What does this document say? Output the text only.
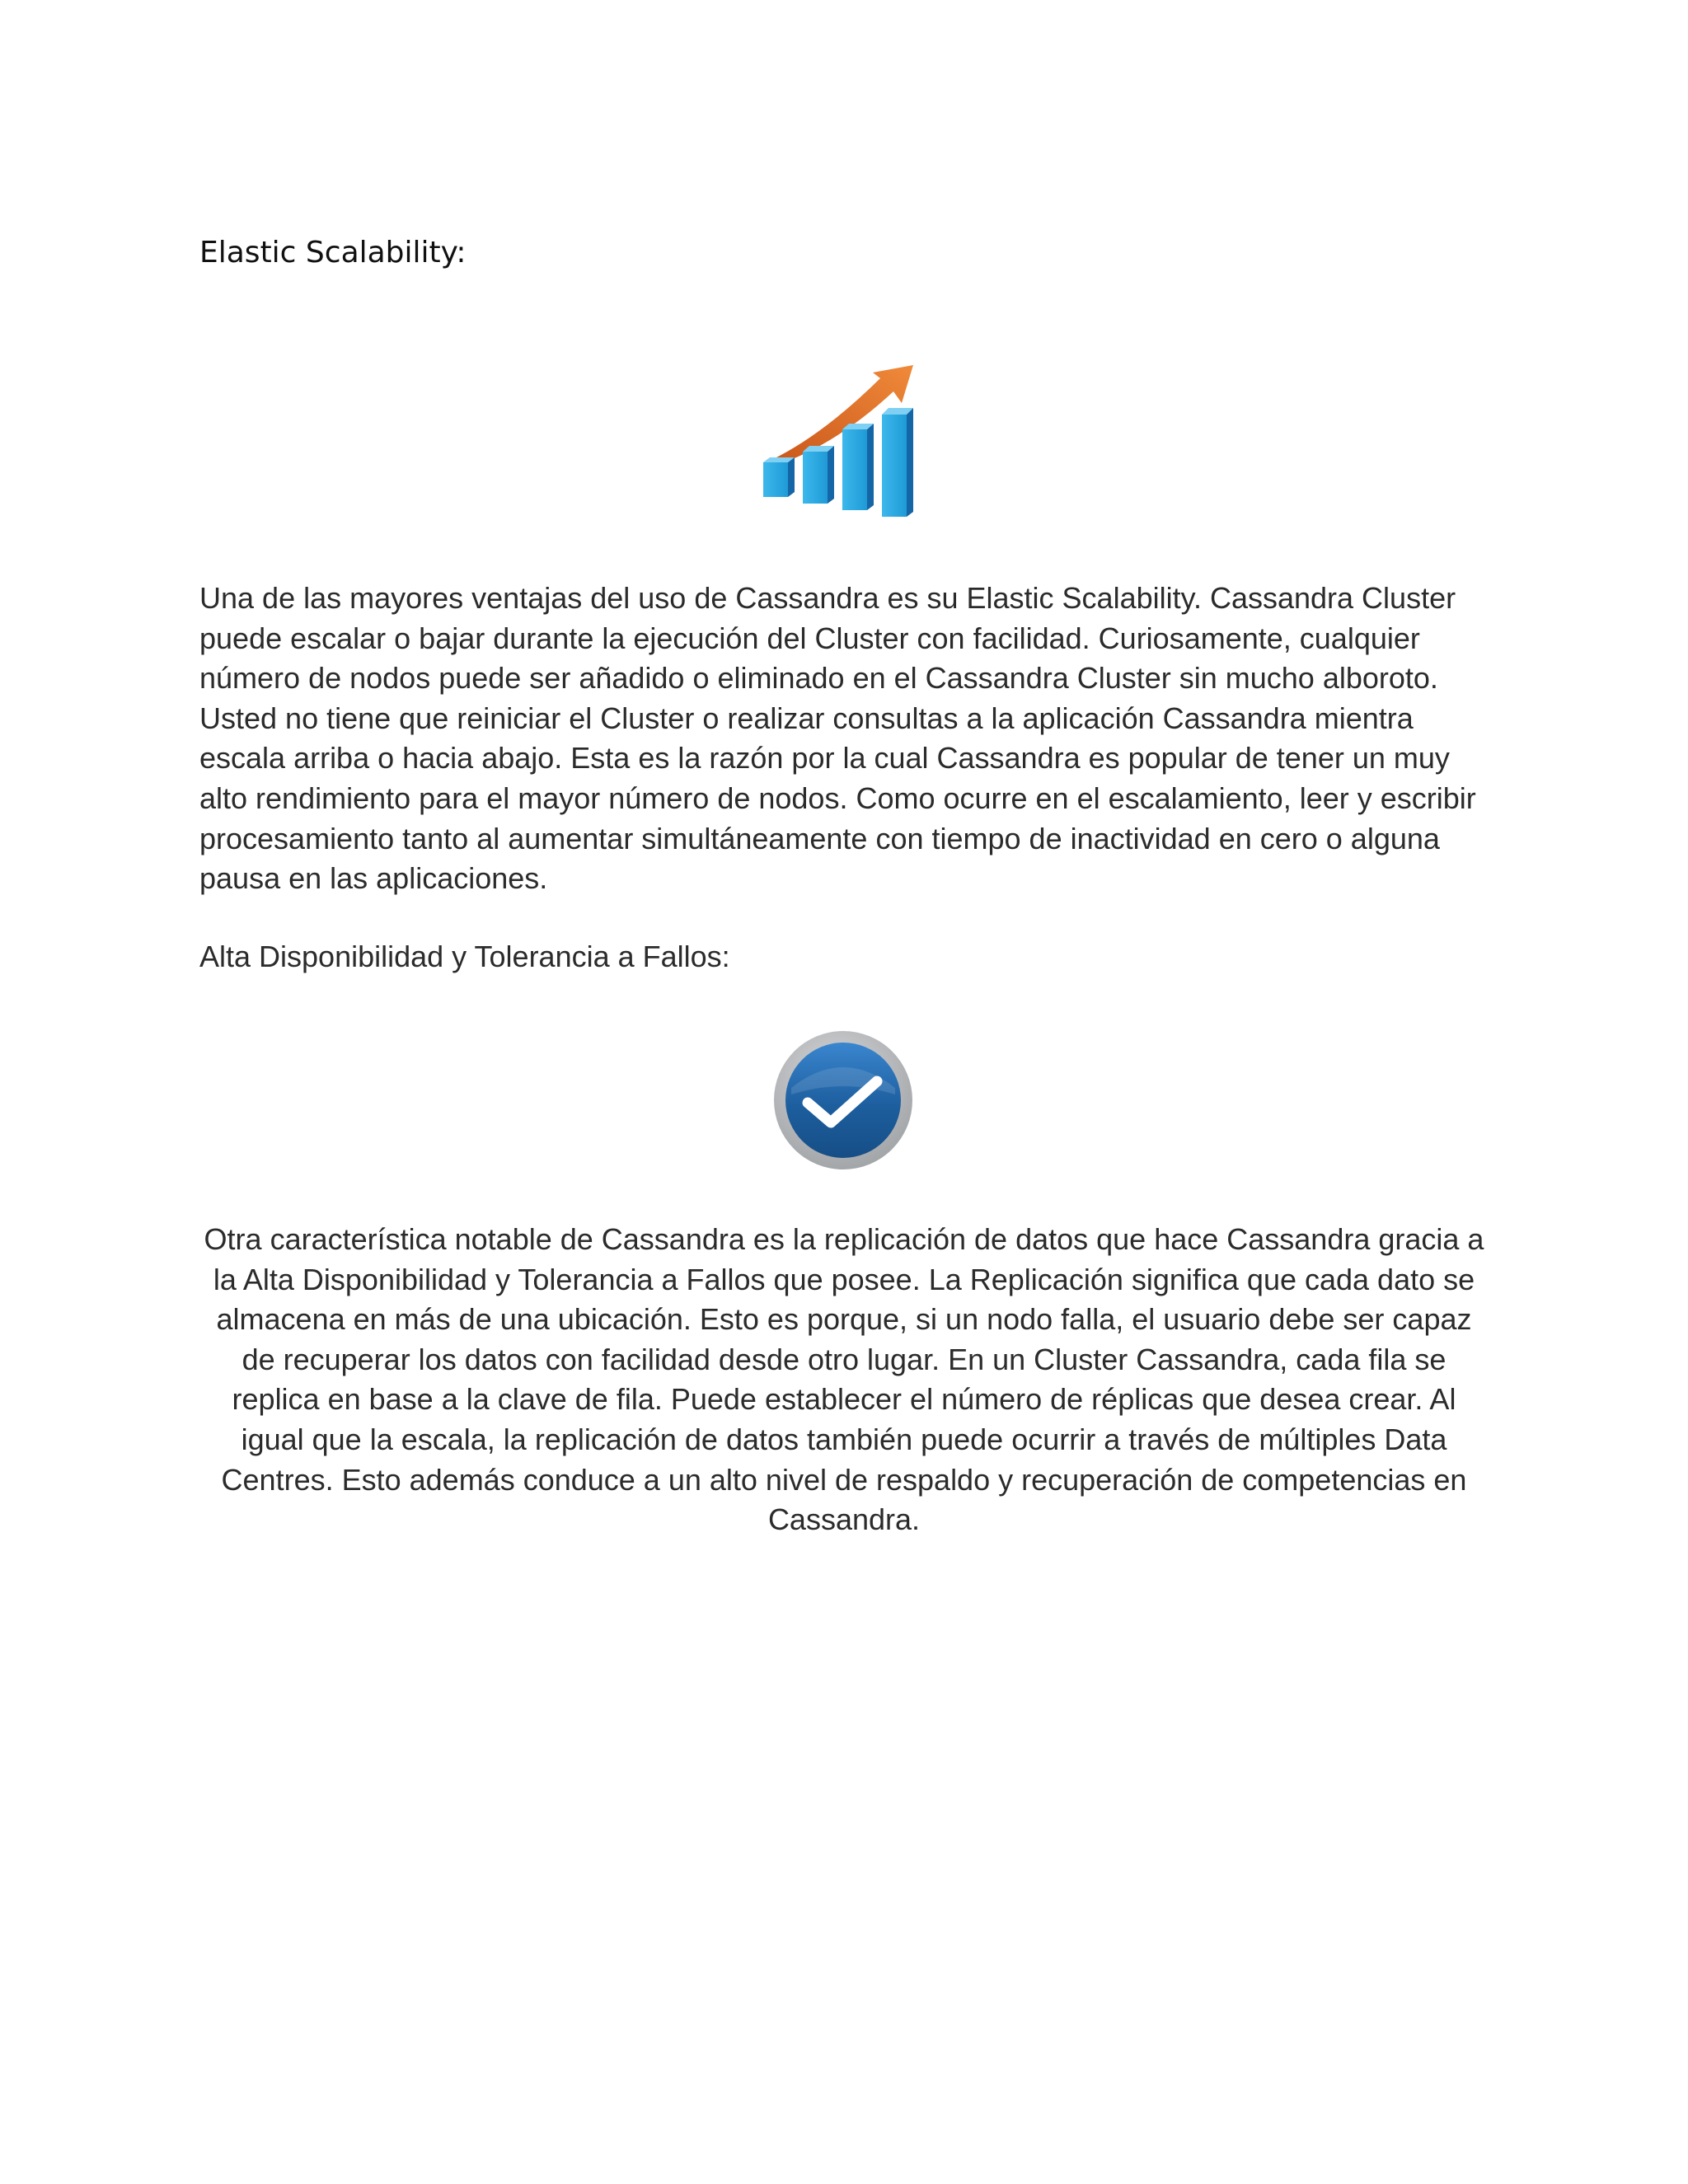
Elastic Scalability:

Una de las mayores ventajas del uso de Cassandra es su Elastic Scalability. Cassandra Cluster puede escalar o bajar durante la ejecución del Cluster con facilidad. Curiosamente, cualquier número de nodos puede ser añadido o eliminado en el Cassandra Cluster sin mucho alboroto. Usted no tiene que reiniciar el Cluster o realizar consultas a la aplicación Cassandra mientra escala arriba o hacia abajo. Esta es la razón por la cual Cassandra es popular de tener un muy alto rendimiento para el mayor número de nodos. Como ocurre en el escalamiento, leer y escribir procesamiento tanto al aumentar simultáneamente con tiempo de inactividad en cero o alguna pausa en las aplicaciones.

Alta Disponibilidad y Tolerancia a Fallos:

Otra característica notable de Cassandra es la replicación de datos que hace Cassandra gracia a la Alta Disponibilidad y Tolerancia a Fallos que posee. La Replicación significa que cada dato se almacena en más de una ubicación. Esto es porque, si un nodo falla, el usuario debe ser capaz de recuperar los datos con facilidad desde otro lugar. En un Cluster Cassandra, cada fila se replica en base a la clave de fila. Puede establecer el número de réplicas que desea crear. Al igual que la escala, la replicación de datos también puede ocurrir a través de múltiples Data Centres. Esto además conduce a un alto nivel de respaldo y recuperación de competencias en Cassandra.
